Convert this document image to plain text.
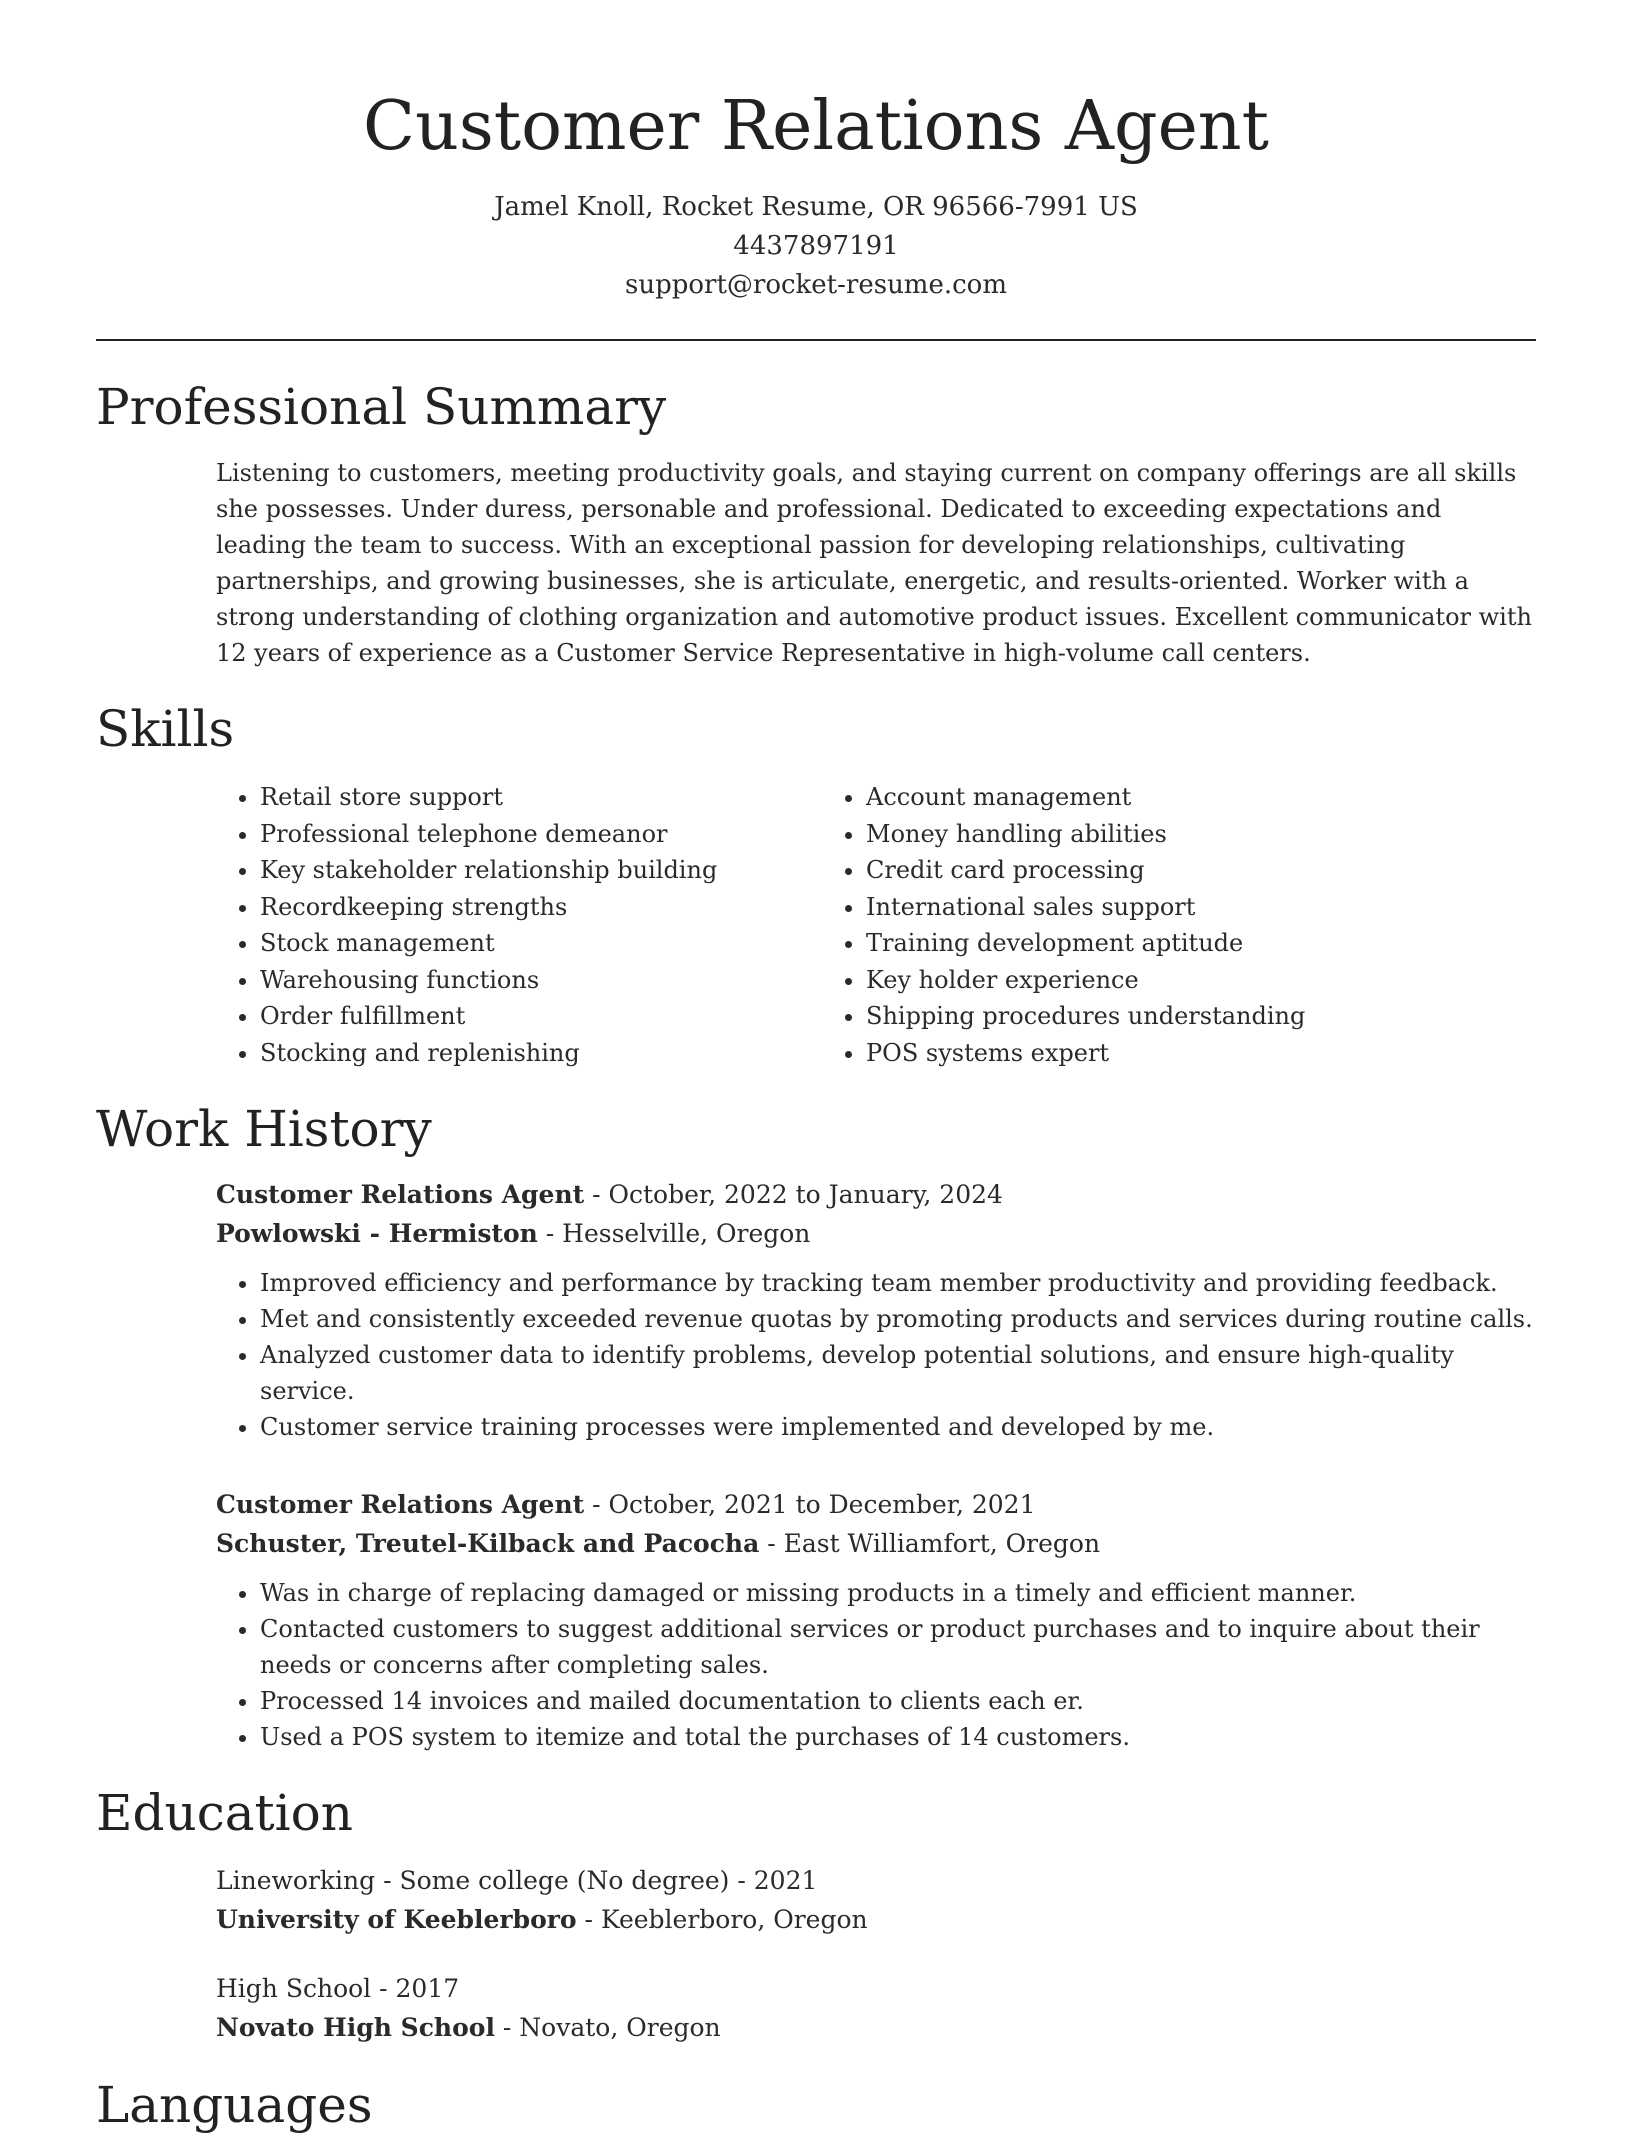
Customer Relations Agent
Jamel Knoll, Rocket Resume, OR 96566-7991 US
4437897191
support@rocket-resume.com
Professional Summary

Listening to customers, meeting productivity goals, and staying current on company offerings are all skills she possesses. Under duress, personable and professional. Dedicated to exceeding expectations and leading the team to success. With an exceptional passion for developing relationships, cultivating partnerships, and growing businesses, she is articulate, energetic, and results-oriented. Worker with a strong understanding of clothing organization and automotive product issues. Excellent communicator with 12 years of experience as a Customer Service Representative in high-volume call centers.

Skills
• Retail store support
• Professional telephone demeanor
• Key stakeholder relationship building
• Recordkeeping strengths
• Stock management
• Warehousing functions
• Order fulfillment
• Stocking and replenishing
• Account management
• Money handling abilities
• Credit card processing
• International sales support
• Training development aptitude
• Key holder experience
• Shipping procedures understanding
• POS systems expert
Work History
Customer Relations Agent - October, 2022 to January, 2024
Powlowski - Hermiston - Hesselville, Oregon
• Improved efficiency and performance by tracking team member productivity and providing feedback.
• Met and consistently exceeded revenue quotas by promoting products and services during routine calls.
• Analyzed customer data to identify problems, develop potential solutions, and ensure high-quality service.
• Customer service training processes were implemented and developed by me.
Customer Relations Agent - October, 2021 to December, 2021
Schuster, Treutel-Kilback and Pacocha - East Williamfort, Oregon
• Was in charge of replacing damaged or missing products in a timely and efficient manner.
• Contacted customers to suggest additional services or product purchases and to inquire about their needs or concerns after completing sales.
• Processed 14 invoices and mailed documentation to clients each er.
• Used a POS system to itemize and total the purchases of 14 customers.
Education
Lineworking - Some college (No degree) - 2021
University of Keeblerboro - Keeblerboro, Oregon
High School - 2017
Novato High School - Novato, Oregon
Languages
